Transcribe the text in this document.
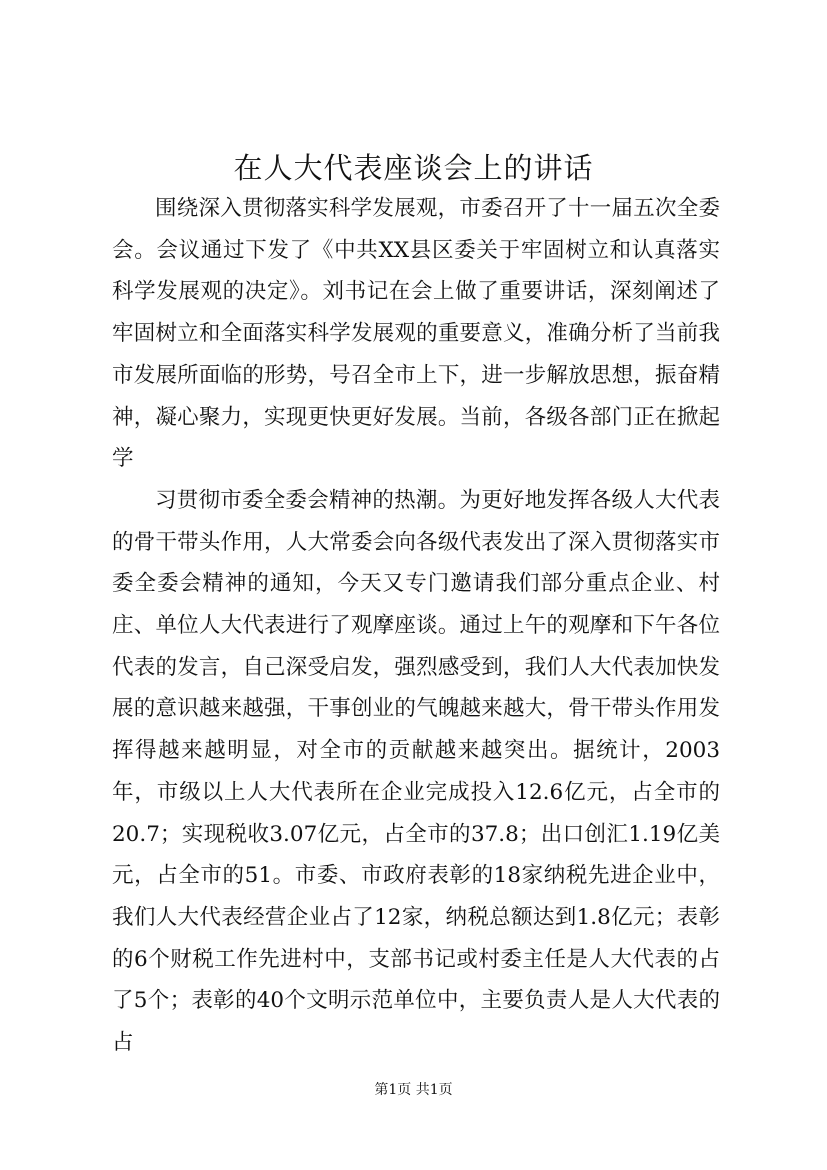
在人大代表座谈会上的讲话

围绕深入贯彻落实科学发展观，市委召开了十一届五次全委会。会议通过下发了《中共XX县区委关于牢固树立和认真落实科学发展观的决定》。刘书记在会上做了重要讲话，深刻阐述了牢固树立和全面落实科学发展观的重要意义，准确分析了当前我市发展所面临的形势，号召全市上下，进一步解放思想，振奋精神，凝心聚力，实现更快更好发展。当前，各级各部门正在掀起学

习贯彻市委全委会精神的热潮。为更好地发挥各级人大代表的骨干带头作用，人大常委会向各级代表发出了深入贯彻落实市委全委会精神的通知，今天又专门邀请我们部分重点企业、村庄、单位人大代表进行了观摩座谈。通过上午的观摩和下午各位代表的发言，自己深受启发，强烈感受到，我们人大代表加快发展的意识越来越强，干事创业的气魄越来越大，骨干带头作用发挥得越来越明显，对全市的贡献越来越突出。据统计，2003年，市级以上人大代表所在企业完成投入12.6亿元，占全市的20.7；实现税收3.07亿元，占全市的37.8；出口创汇1.19亿美元，占全市的51。市委、市政府表彰的18家纳税先进企业中，我们人大代表经营企业占了12家，纳税总额达到1.8亿元；表彰的6个财税工作先进村中，支部书记或村委主任是人大代表的占了5个；表彰的40个文明示范单位中，主要负责人是人大代表的占

第1页 共1页
